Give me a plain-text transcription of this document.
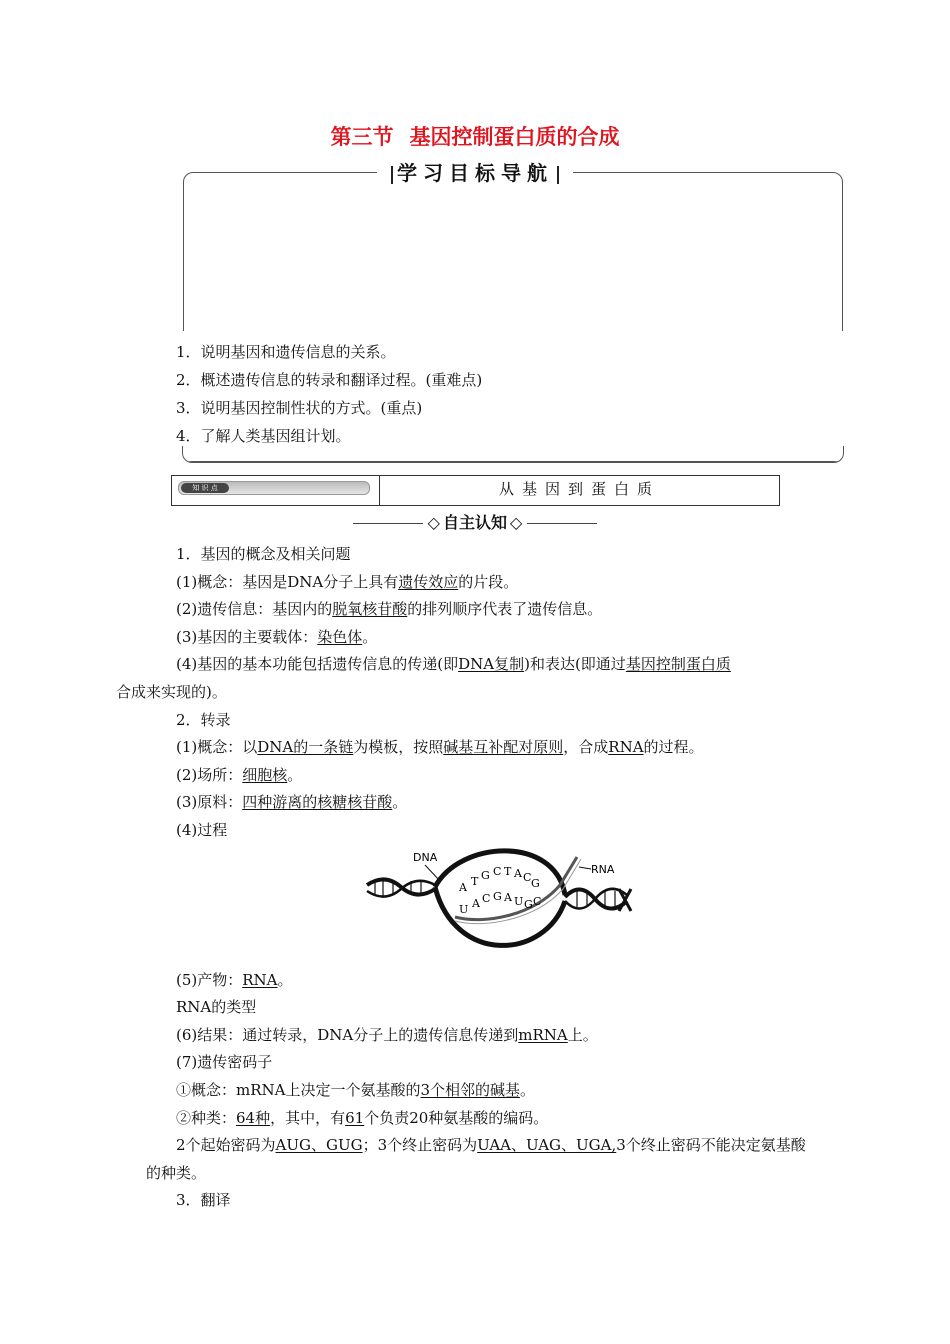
第三节 基因控制蛋白质的合成
学习目标导航
1．说明基因和遗传信息的关系。
2．概述遗传信息的转录和翻译过程。(重难点)
3．说明基因控制性状的方式。(重点)
4．了解人类基因组计划。
知 识 点	从基因到蛋白质
◇ 自主认知 ◇

1．基因的概念及相关问题

(1)概念：基因是DNA分子上具有遗传效应的片段。

(2)遗传信息：基因内的脱氧核苷酸的排列顺序代表了遗传信息。

(3)基因的主要载体：染色体。

(4)基因的基本功能包括遗传信息的传递(即DNA复制)和表达(即通过基因控制蛋白质
合成来实现的)。

2．转录

(1)概念：以DNA的一条链为模板，按照碱基互补配对原则，合成RNA的过程。

(2)场所：细胞核。

(3)原料：四种游离的核糖核苷酸。

(4)过程

(5)产物：RNA。

RNA的类型

(6)结果：通过转录，DNA分子上的遗传信息传递到mRNA上。

(7)遗传密码子

①概念：mRNA上决定一个氨基酸的3个相邻的碱基。

②种类：64种，其中，有61个负责20种氨基酸的编码。

2个起始密码为AUG、GUG；3个终止密码为UAA、UAG、UGA,3个终止密码不能决定氨基酸的种类。

3．翻译

DNA
RNA
A T G C T A C G
U A C G A U G C
